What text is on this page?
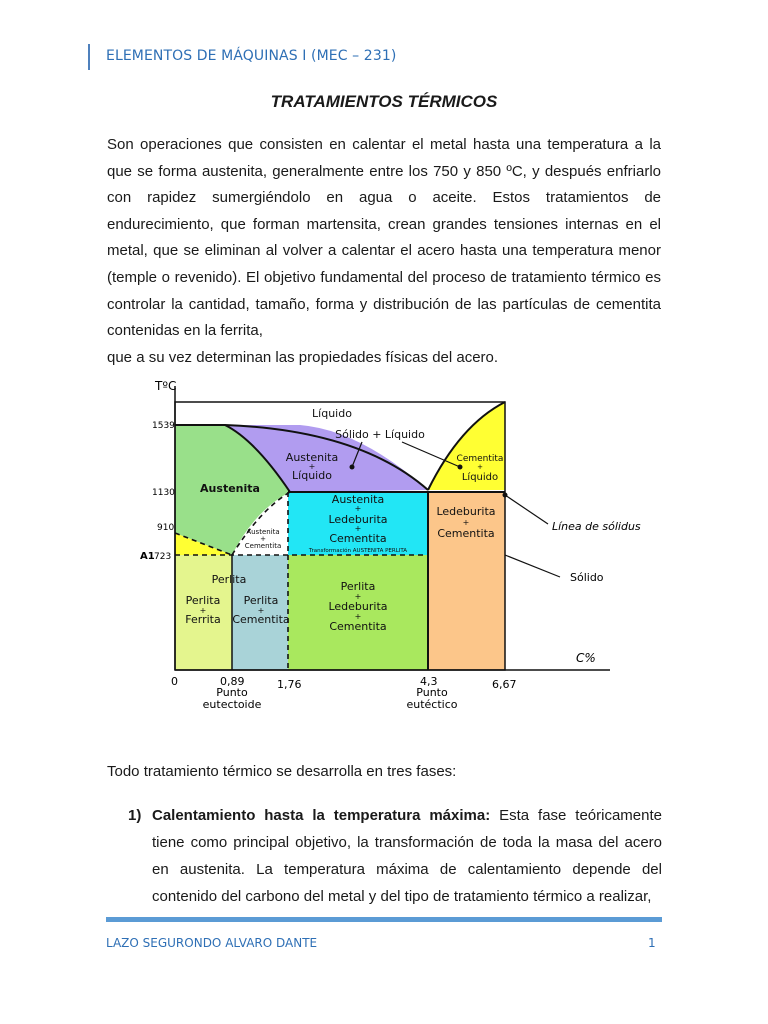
ELEMENTOS DE MÁQUINAS I (MEC – 231)
TRATAMIENTOS TÉRMICOS
Son operaciones que consisten en calentar el metal hasta una temperatura a la que se forma austenita, generalmente entre los 750 y 850 ºC, y después enfriarlo con rapidez sumergiéndolo en agua o aceite. Estos tratamientos de endurecimiento, que forman martensita, crean grandes tensiones internas en el metal, que se eliminan al volver a calentar el acero hasta una temperatura menor (temple o revenido). El objetivo fundamental del proceso de tratamiento térmico es controlar la cantidad, tamaño, forma y distribución de las partículas de cementita contenidas en la ferrita,
que a su vez determinan las propiedades físicas del acero.
TºC
C%
1539
1130
910
A1 723
0	0,89	1,76	4,3	6,67
Punto
eutectoide
Punto
eutéctico
Líquido
Sólido + Líquido
Austenita
Austenita
+
Líquido
Cementita
+
Líquido
Austenita
+
Cementita
Austenita
+
Ledeburita
+
Cementita
Transformación AUSTENITA PERLITA
Ledeburita
+
Cementita
Perlita
Perlita
+
Ferrita
Perlita
+
Cementita
Perlita
+
Ledeburita
+
Cementita
Línea de sólidus
Sólido
Todo tratamiento térmico se desarrolla en tres fases:
1) Calentamiento hasta la temperatura máxima: Esta fase teóricamente tiene como principal objetivo, la transformación de toda la masa del acero en austenita. La temperatura máxima de calentamiento depende del contenido del carbono del metal y del tipo de tratamiento térmico a realizar,
LAZO SEGURONDO ALVARO DANTE	1
